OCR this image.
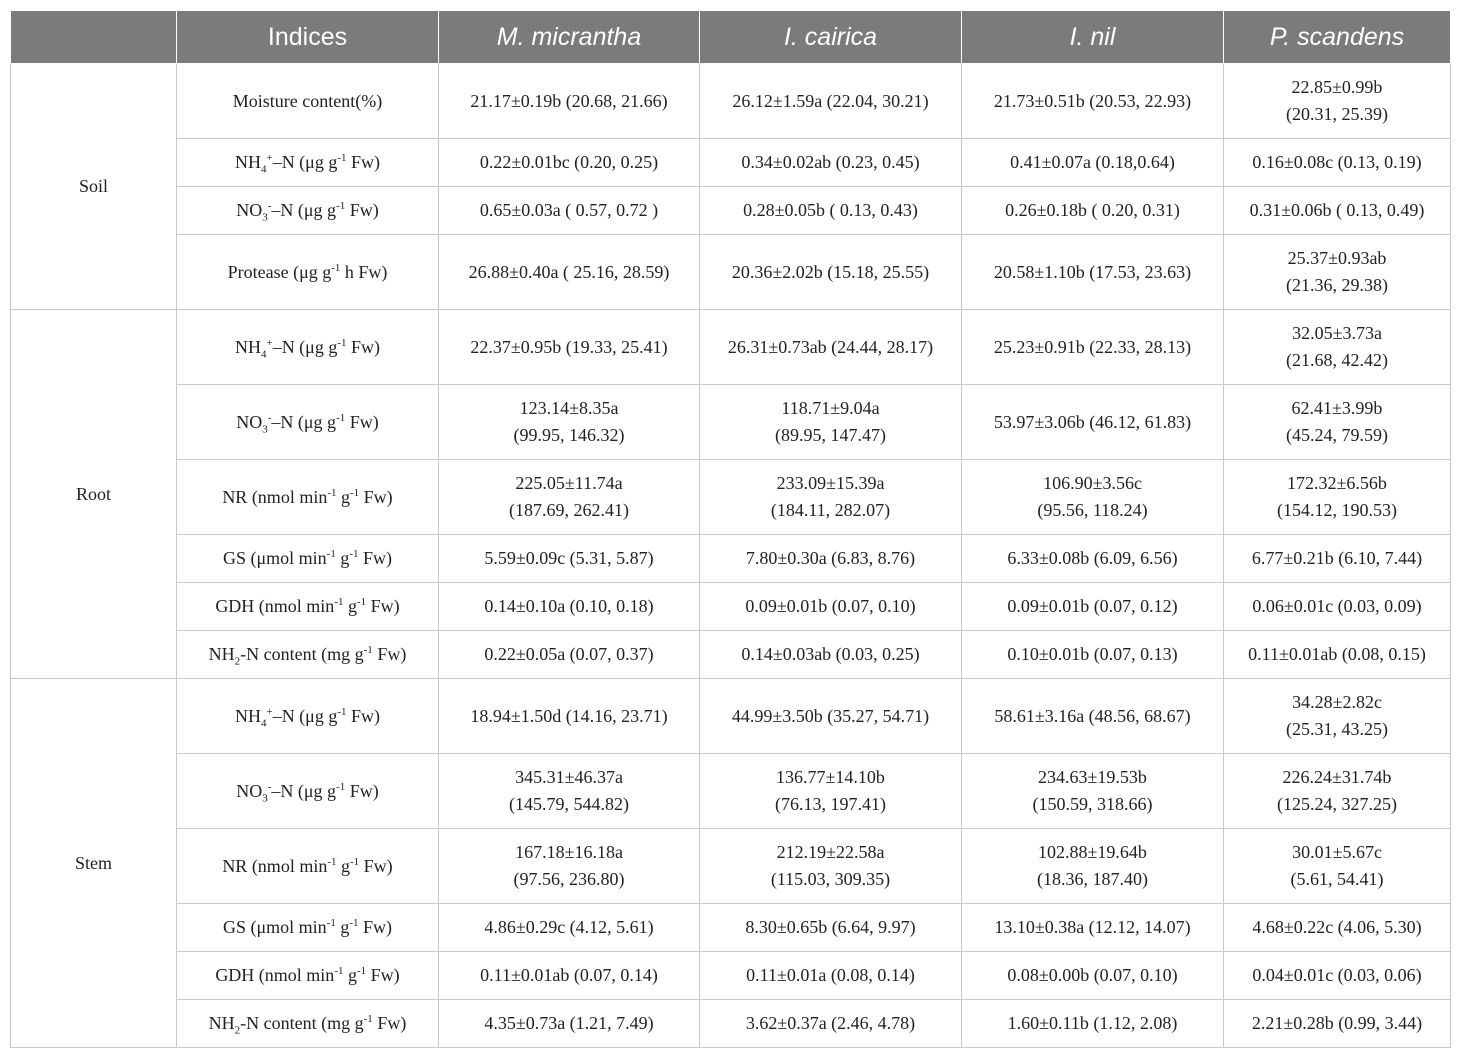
	Indices	M. micrantha	I. cairica	I. nil	P. scandens
Soil	Moisture content(%)	21.17±0.19b (20.68, 21.66)	26.12±1.59a (22.04, 30.21)	21.73±0.51b (20.53, 22.93)	22.85±0.99b
(20.31, 25.39)

	$NH_4^+-N$ (μg $g^{-1}$ Fw)	0.22±0.01bc (0.20, 0.25)	0.34±0.02ab (0.23, 0.45)	0.41±0.07a (0.18,0.64)	0.16±0.08c (0.13, 0.19)

	$NO_3^--N$ (μg $g^{-1}$ Fw)	0.65±0.03a ( 0.57, 0.72 )	0.28±0.05b ( 0.13, 0.43)	0.26±0.18b ( 0.20, 0.31)	0.31±0.06b ( 0.13, 0.49)

	Protease (μg $g^{-1}$ h Fw)	26.88±0.40a ( 25.16, 28.59)	20.36±2.02b (15.18, 25.55)	20.58±1.10b (17.53, 23.63)	25.37±0.93ab
(21.36, 29.38)

Root	$NH_4^+-N$ (μg $g^{-1}$ Fw)	22.37±0.95b (19.33, 25.41)	26.31±0.73ab (24.44, 28.17)	25.23±0.91b (22.33, 28.13)	32.05±3.73a
(21.68, 42.42)

	$NO_3^--N$ (μg $g^{-1}$ Fw)	123.14±8.35a
(99.95, 146.32)	118.71±9.04a
(89.95, 147.47)	53.97±3.06b (46.12, 61.83)	62.41±3.99b
(45.24, 79.59)

	NR (nmol $\min^{-1} g^{-1}$ Fw)	225.05±11.74a
(187.69, 262.41)	233.09±15.39a
(184.11, 282.07)	106.90±3.56c
(95.56, 118.24)	172.32±6.56b
(154.12, 190.53)

	GS (μmol $\min^{-1} g^{-1}$ Fw)	5.59±0.09c (5.31, 5.87)	7.80±0.30a (6.83, 8.76)	6.33±0.08b (6.09, 6.56)	6.77±0.21b (6.10, 7.44)

	GDH (nmol $\min^{-1} g^{-1}$ Fw)	0.14±0.10a (0.10, 0.18)	0.09±0.01b (0.07, 0.10)	0.09±0.01b (0.07, 0.12)	0.06±0.01c (0.03, 0.09)

	$NH_2-N$ content (mg $g^{-1}$ Fw)	0.22±0.05a (0.07, 0.37)	0.14±0.03ab (0.03, 0.25)	0.10±0.01b (0.07, 0.13)	0.11±0.01ab (0.08, 0.15)

Stem	$NH_4^+-N$ (μg $g^{-1}$ Fw)	18.94±1.50d (14.16, 23.71)	44.99±3.50b (35.27, 54.71)	58.61±3.16a (48.56, 68.67)	34.28±2.82c
(25.31, 43.25)

	$NO_3^--N$ (μg $g^{-1}$ Fw)	345.31±46.37a
(145.79, 544.82)	136.77±14.10b
(76.13, 197.41)	234.63±19.53b
(150.59, 318.66)	226.24±31.74b
(125.24, 327.25)

	NR (nmol $\min^{-1} g^{-1}$ Fw)	167.18±16.18a
(97.56, 236.80)	212.19±22.58a
(115.03, 309.35)	102.88±19.64b
(18.36, 187.40)	30.01±5.67c
(5.61, 54.41)

	GS (μmol $\min^{-1} g^{-1}$ Fw)	4.86±0.29c (4.12, 5.61)	8.30±0.65b (6.64, 9.97)	13.10±0.38a (12.12, 14.07)	4.68±0.22c (4.06, 5.30)

	GDH (nmol $\min^{-1} g^{-1}$ Fw)	0.11±0.01ab (0.07, 0.14)	0.11±0.01a (0.08, 0.14)	0.08±0.00b (0.07, 0.10)	0.04±0.01c (0.03, 0.06)

	$NH_2-N$ content (mg $g^{-1}$ Fw)	4.35±0.73a (1.21, 7.49)	3.62±0.37a (2.46, 4.78)	1.60±0.11b (1.12, 2.08)	2.21±0.28b (0.99, 3.44)
